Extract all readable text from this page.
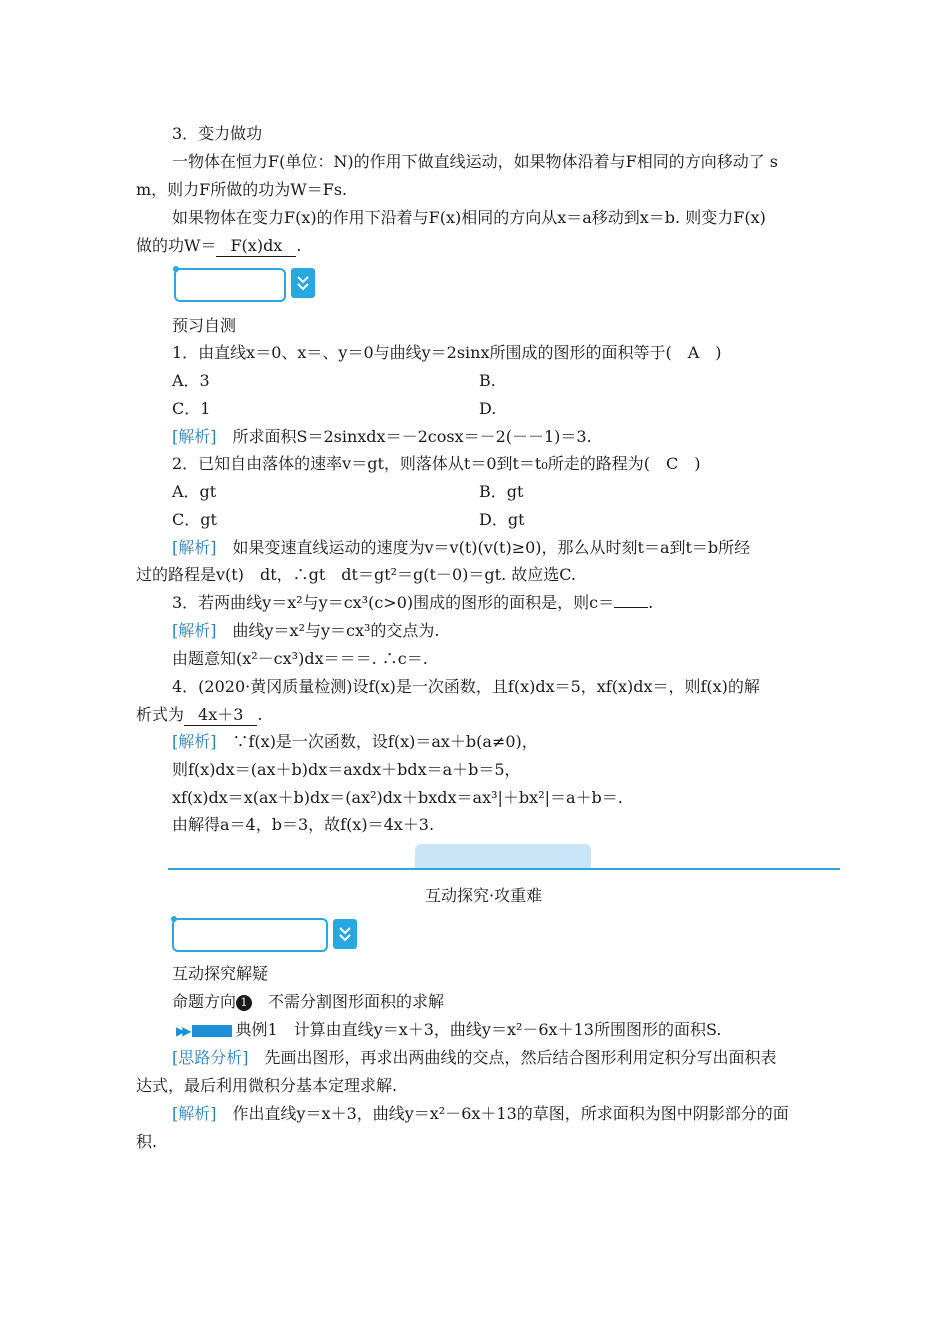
3．变力做功
一物体在恒力F(单位：N)的作用下做直线运动，如果物体沿着与F相同的方向移动了 s
m，则力F所做的功为W＝Fs.
如果物体在变力F(x)的作用下沿着与F(x)相同的方向从x＝a移动到x＝b. 则变力F(x)
做的功W＝ F(x)dx .
预习自测
1．由直线x＝0、x＝、y＝0与曲线y＝2sinx所围成的图形的面积等于(　A　)
A．3	B.
C．1	D.
[解析]　所求面积S＝2sinxdx＝－2cosx＝－2(－－1)＝3.
2．已知自由落体的速率v＝gt，则落体从t＝0到t＝t₀所走的路程为(　C　)
A．gt	B．gt
C．gt	D．gt
[解析]　如果变速直线运动的速度为v＝v(t)(v(t)≥0)，那么从时刻t＝a到t＝b所经
过的路程是v(t)　dt，∴gt　dt＝gt²＝g(t－0)＝gt. 故应选C.
3．若两曲线y＝x²与y＝cx³(c>0)围成的图形的面积是，则c＝ .
[解析]　曲线y＝x²与y＝cx³的交点为.
由题意知(x²－cx³)dx＝＝＝. ∴c＝.
4．(2020·黄冈质量检测)设f(x)是一次函数，且f(x)dx＝5，xf(x)dx＝，则f(x)的解
析式为 4x＋3 .
[解析]　∵f(x)是一次函数，设f(x)＝ax＋b(a≠0)，
则f(x)dx＝(ax＋b)dx＝axdx＋bdx＝a＋b＝5，
xf(x)dx＝x(ax＋b)dx＝(ax²)dx＋bxdx＝ax³|＋bx²|＝a＋b＝.
由解得a＝4，b＝3，故f(x)＝4x＋3.
互动探究·攻重难
互动探究解疑
命题方向 1　不需分割图形面积的求解
▶▶	典例1　计算由直线y＝x＋3，曲线y＝x²－6x＋13所围图形的面积S.
[思路分析]　先画出图形，再求出两曲线的交点，然后结合图形利用定积分写出面积表
达式，最后利用微积分基本定理求解.
[解析]　作出直线y＝x＋3，曲线y＝x²－6x＋13的草图，所求面积为图中阴影部分的面
积.
